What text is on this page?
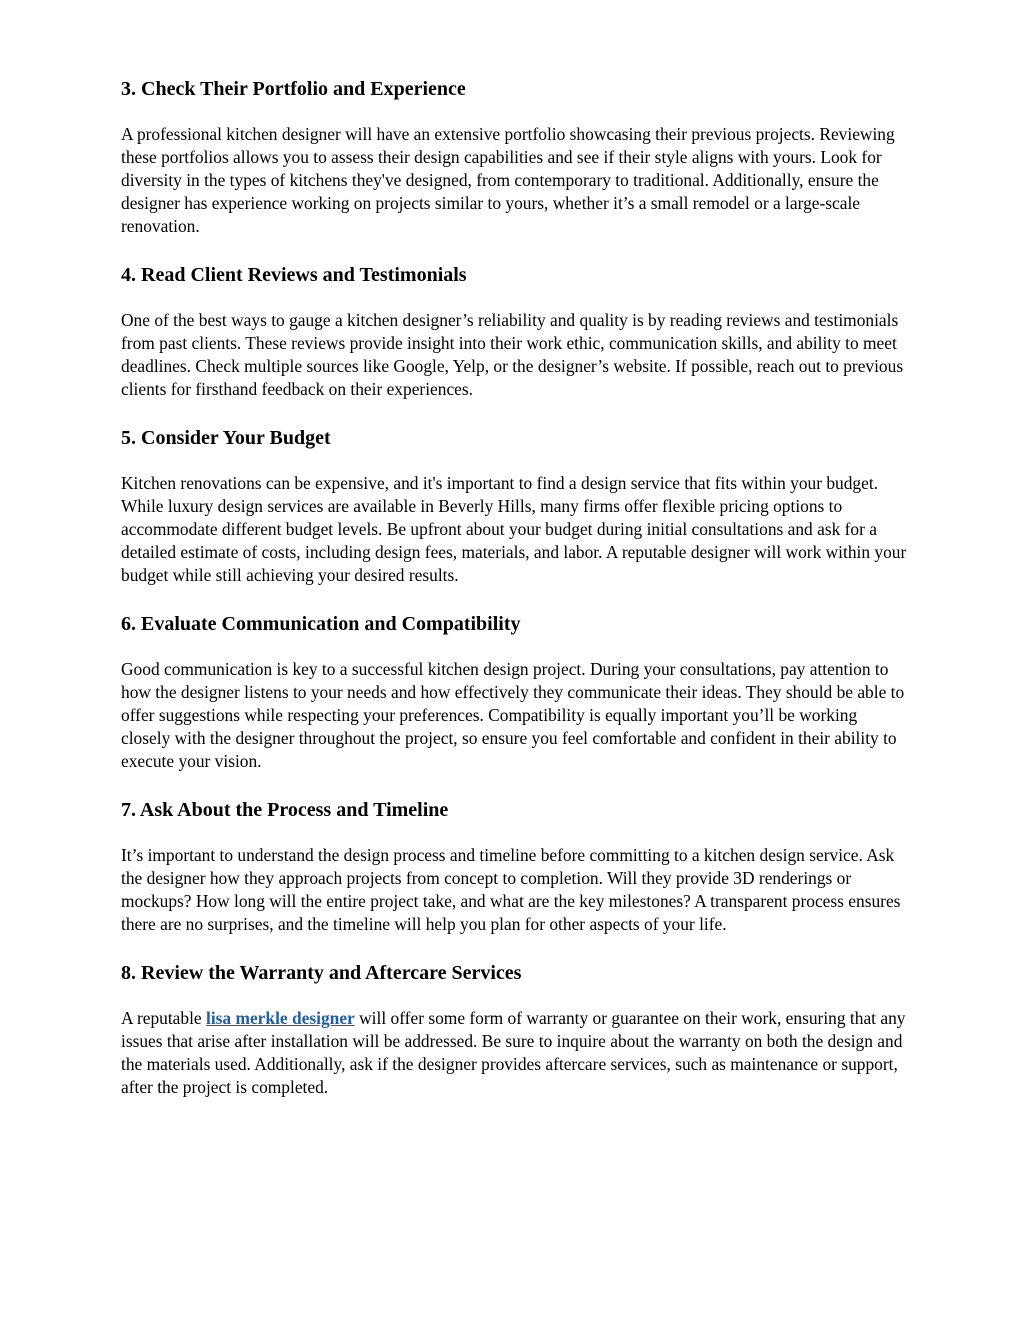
3. Check Their Portfolio and Experience

A professional kitchen designer will have an extensive portfolio showcasing their previous projects. Reviewing these portfolios allows you to assess their design capabilities and see if their style aligns with yours. Look for diversity in the types of kitchens they've designed, from contemporary to traditional. Additionally, ensure the designer has experience working on projects similar to yours, whether it’s a small remodel or a large-scale renovation.

4. Read Client Reviews and Testimonials

One of the best ways to gauge a kitchen designer’s reliability and quality is by reading reviews and testimonials from past clients. These reviews provide insight into their work ethic, communication skills, and ability to meet deadlines. Check multiple sources like Google, Yelp, or the designer’s website. If possible, reach out to previous clients for firsthand feedback on their experiences.

5. Consider Your Budget

Kitchen renovations can be expensive, and it's important to find a design service that fits within your budget. While luxury design services are available in Beverly Hills, many firms offer flexible pricing options to accommodate different budget levels. Be upfront about your budget during initial consultations and ask for a detailed estimate of costs, including design fees, materials, and labor. A reputable designer will work within your budget while still achieving your desired results.

6. Evaluate Communication and Compatibility

Good communication is key to a successful kitchen design project. During your consultations, pay attention to how the designer listens to your needs and how effectively they communicate their ideas. They should be able to offer suggestions while respecting your preferences. Compatibility is equally important you’ll be working closely with the designer throughout the project, so ensure you feel comfortable and confident in their ability to execute your vision.

7. Ask About the Process and Timeline

It’s important to understand the design process and timeline before committing to a kitchen design service. Ask the designer how they approach projects from concept to completion. Will they provide 3D renderings or mockups? How long will the entire project take, and what are the key milestones? A transparent process ensures there are no surprises, and the timeline will help you plan for other aspects of your life.

8. Review the Warranty and Aftercare Services

A reputable lisa merkle designer will offer some form of warranty or guarantee on their work, ensuring that any issues that arise after installation will be addressed. Be sure to inquire about the warranty on both the design and the materials used. Additionally, ask if the designer provides aftercare services, such as maintenance or support, after the project is completed.
